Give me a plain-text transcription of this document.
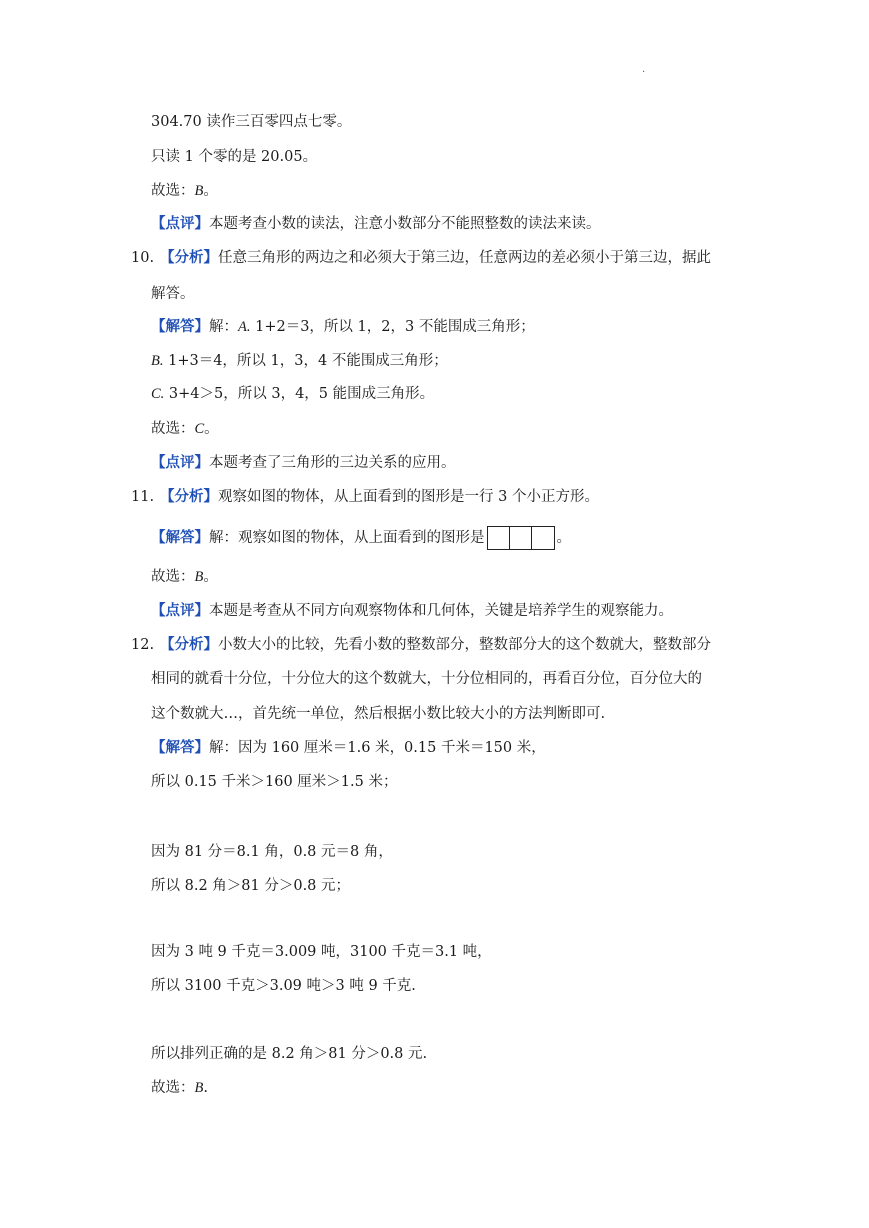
.
304.70 读作三百零四点七零。
只读 1 个零的是 20.05。
故选：B。
【点评】本题考查小数的读法，注意小数部分不能照整数的读法来读。
10. 【分析】任意三角形的两边之和必须大于第三边，任意两边的差必须小于第三边，据此
解答。
【解答】解：A. 1+2＝3，所以 1，2，3 不能围成三角形；
B. 1+3＝4，所以 1，3，4 不能围成三角形；
C. 3+4＞5，所以 3，4，5 能围成三角形。
故选：C。
【点评】本题考查了三角形的三边关系的应用。
11. 【分析】观察如图的物体，从上面看到的图形是一行 3 个小正方形。
【解答】解：观察如图的物体，从上面看到的图形是	。
故选：B。
【点评】本题是考查从不同方向观察物体和几何体，关键是培养学生的观察能力。
12. 【分析】小数大小的比较，先看小数的整数部分，整数部分大的这个数就大，整数部分
相同的就看十分位，十分位大的这个数就大，十分位相同的，再看百分位，百分位大的
这个数就大…，首先统一单位，然后根据小数比较大小的方法判断即可.
【解答】解：因为 160 厘米＝1.6 米，0.15 千米＝150 米，
所以 0.15 千米＞160 厘米＞1.5 米；
因为 81 分＝8.1 角，0.8 元＝8 角，
所以 8.2 角＞81 分＞0.8 元；
因为 3 吨 9 千克＝3.009 吨，3100 千克＝3.1 吨，
所以 3100 千克＞3.09 吨＞3 吨 9 千克.
所以排列正确的是 8.2 角＞81 分＞0.8 元.
故选：B.
